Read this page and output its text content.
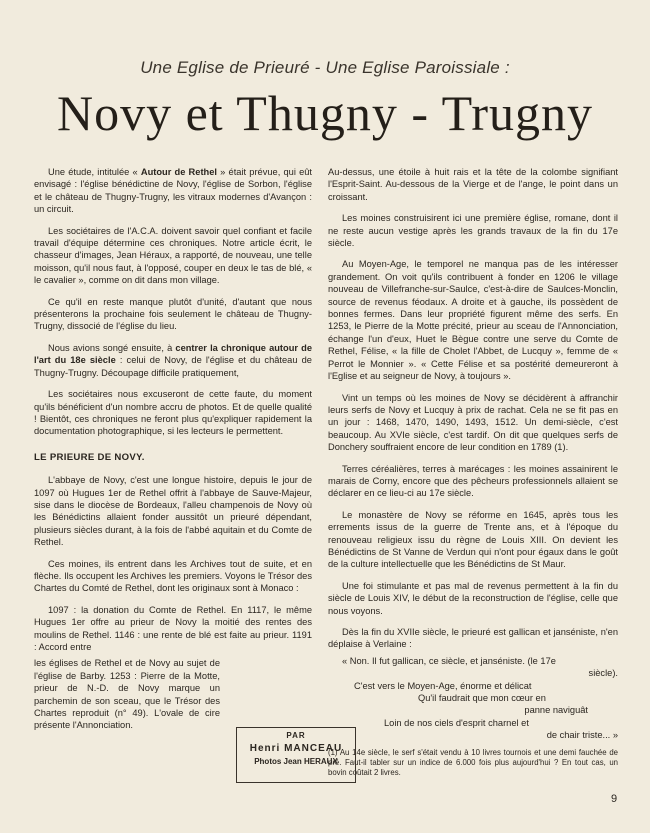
Une Eglise de Prieuré - Une Eglise Paroissiale :
Novy et Thugny - Trugny

Une étude, intitulée « Autour de Rethel » était prévue, qui eût envisagé : l'église bénédictine de Novy, l'église de Sorbon, l'église et le château de Thugny-Trugny, les vitraux modernes d'Avançon : un circuit.

Les sociétaires de l'A.C.A. doivent savoir quel confiant et facile travail d'équipe détermine ces chroniques. Notre article écrit, le chasseur d'images, Jean Héraux, a rapporté, de nouveau, une telle moisson, qu'il nous faut, à l'opposé, couper en deux le tas de blé, « le cavalier », comme on dit dans mon village.

Ce qu'il en reste manque plutôt d'unité, d'autant que nous présenterons la prochaine fois seulement le château de Thugny-Trugny, dissocié de l'église du lieu.

Nous avions songé ensuite, à centrer la chronique autour de l'art du 18e siècle : celui de Novy, de l'église et du château de Thugny-Trugny. Découpage difficile pratiquement,

Les sociétaires nous excuseront de cette faute, du moment qu'ils bénéficient d'un nombre accru de photos. Et de quelle qualité ! Bientôt, ces chroniques ne feront plus qu'expliquer rapidement la documentation photographique, si les lecteurs le permettent.

LE PRIEURE DE NOVY.

L'abbaye de Novy, c'est une longue histoire, depuis le jour de 1097 où Hugues 1er de Rethel offrit à l'abbaye de Sauve-Majeur, sise dans le diocèse de Bordeaux, l'alleu champenois de Novy où les Bénédictins allaient fonder aussitôt un prieuré dépendant, plusieurs siècles durant, à la fois de l'abbé aquitain et du Comte de Rethel.

Ces moines, ils entrent dans les Archives tout de suite, et en flèche. Ils occupent les Archives les premiers. Voyons le Trésor des Chartes du Comté de Rethel, dont les originaux sont à Monaco :

1097 : la donation du Comte de Rethel. En 1117, le même Hugues 1er offre au prieur de Novy la moitié des rentes des moulins de Rethel. 1146 : une rente de blé est faite au prieur. 1191 : Accord entre

les églises de Rethel et de Novy au sujet de l'église de Barby. 1253 : Pierre de la Motte, prieur de N.-D. de Novy marque un parchemin de son sceau, que le Trésor des Chartes reproduit (n° 49). L'ovale de cire présente l'Annonciation.

Au-dessus, une étoile à huit rais et la tête de la colombe signifiant l'Esprit-Saint. Au-dessous de la Vierge et de l'ange, le point dans un croissant.

Les moines construisirent ici une première église, romane, dont il ne reste aucun vestige après les grands travaux de la fin du 17e siècle.

Au Moyen-Age, le temporel ne manqua pas de les intéresser grandement. On voit qu'ils contribuent à fonder en 1206 le village nouveau de Villefranche-sur-Saulce, c'est-à-dire de Saulces-Monclin, source de revenus féodaux. A droite et à gauche, ils possèdent de bonnes fermes. Dans leur propriété figurent même des serfs. En 1253, le Pierre de la Motte précité, prieur au sceau de l'Annonciation, échange l'un d'eux, Huet le Bègue contre une serve du Comte de Rethel, Félise, « la fille de Cholet l'Abbet, de Lucquy », femme de « Perrot le Monnier ». « Cette Félise et sa postérité demeureront à l'Eglise et au seigneur de Novy, à toujours ».

Vint un temps où les moines de Novy se décidèrent à affranchir leurs serfs de Novy et Lucquy à prix de rachat. Cela ne se fit pas en un jour : 1468, 1470, 1490, 1493, 1512. Un demi-siècle, c'est beaucoup. Au XVIe siècle, c'est tardif. On dit que quelques serfs de Donchery souffraient encore de leur condition en 1789 (1).

Terres céréalières, terres à marécages : les moines assainirent le marais de Corny, encore que des pêcheurs professionnels allaient se déclarer en ce lieu-ci au 17e siècle.

Le monastère de Novy se réforme en 1645, après tous les errements issus de la guerre de Trente ans, et à l'époque du renouveau religieux issu du règne de Louis XIII. On devient les Bénédictins de St Vanne de Verdun qui n'ont pour égaux dans le goût de la culture intellectuelle que les Bénédictins de St Maur.

Une foi stimulante et pas mal de revenus permettent à la fin du siècle de Louis XIV, le début de la reconstruction de l'église, celle que nous voyons.

Dès la fin du XVIIe siècle, le prieuré est gallican et janséniste, n'en déplaise à Verlaine :

« Non. Il fut gallican, ce siècle, et janséniste. (le 17e
siècle).
C'est vers le Moyen-Age, énorme et délicat
Qu'il faudrait que mon cœur en
panne naviguât
Loin de nos ciels d'esprit charnel et
de chair triste... »
(1) Au 14e siècle, le serf s'était vendu à 10 livres tournois et une demi fauchée de pré. Faut-il tabler sur un indice de 6.000 fois plus aujourd'hui ? En tout cas, un bovin coûtait 2 livres.
PAR
Henri MANCEAU
Photos Jean HERAUX
9
